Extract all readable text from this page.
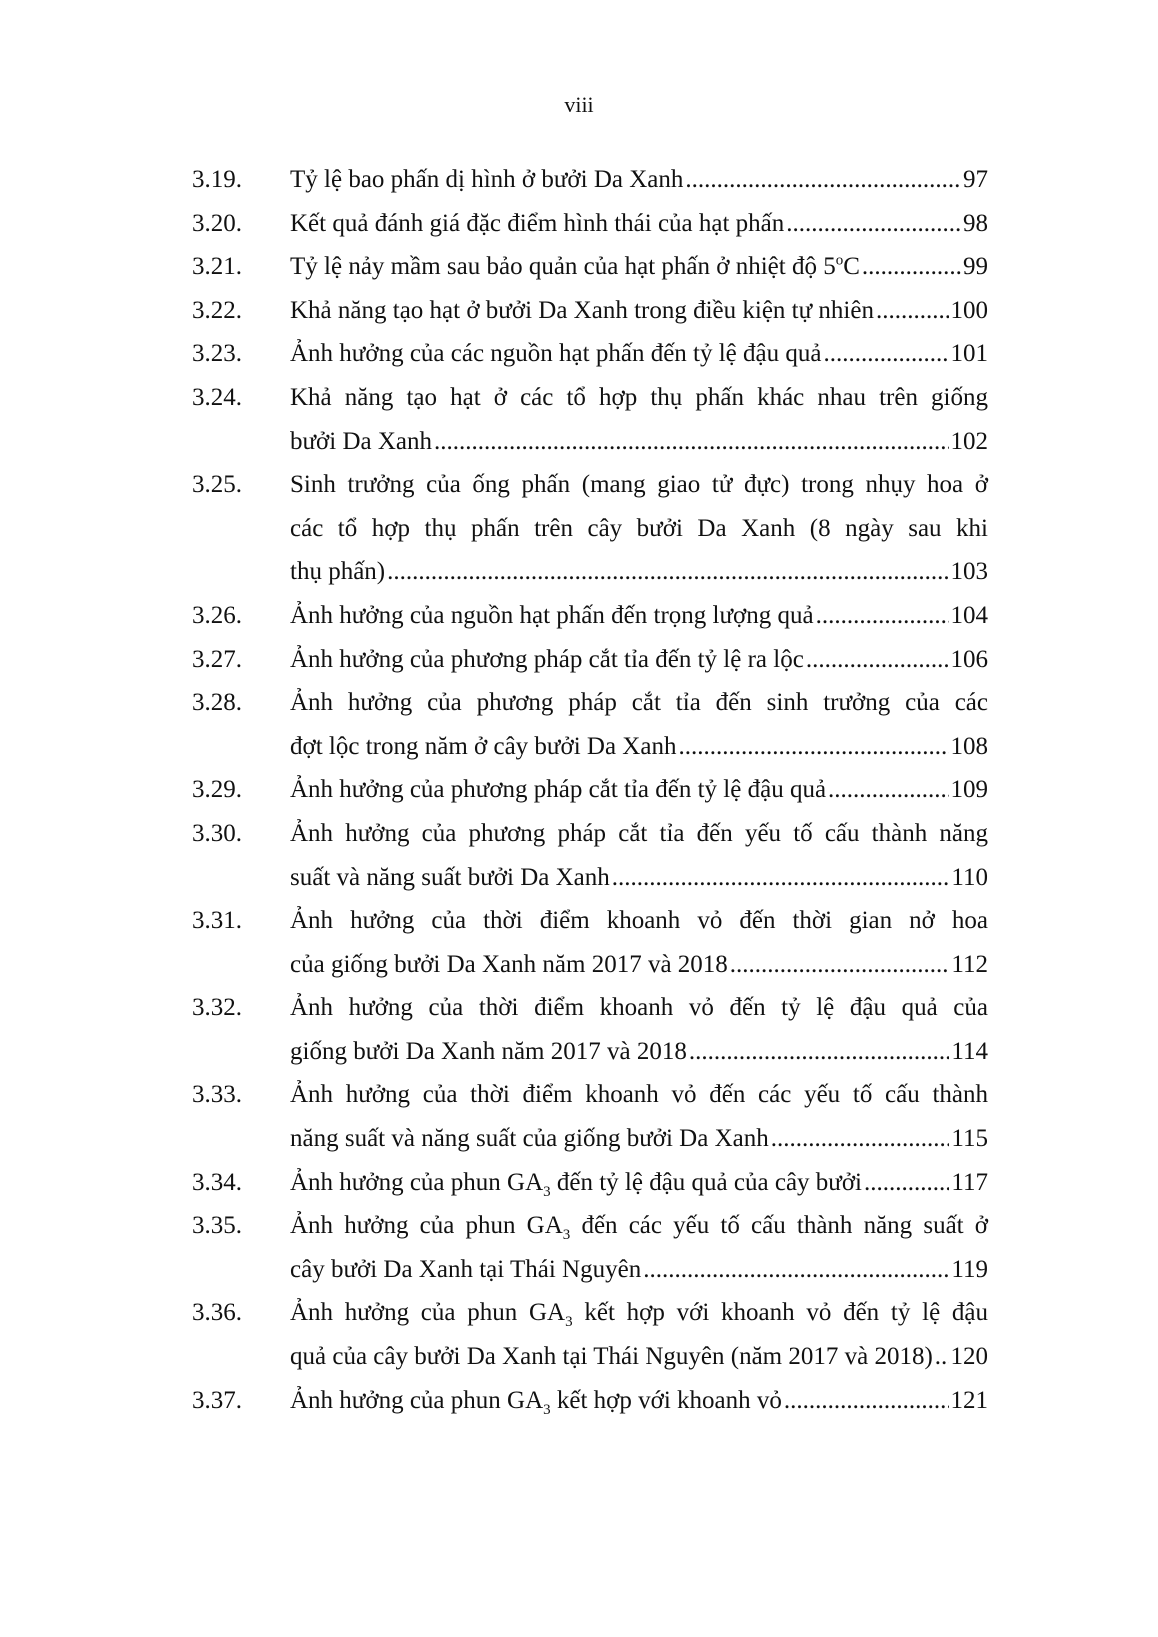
viii
3.19.	Tỷ lệ bao phấn dị hình ở bưởi Da Xanh .....	97
3.20.	Kết quả đánh giá đặc điểm hình thái của hạt phấn .....	98
3.21.	Tỷ lệ nảy mầm sau bảo quản của hạt phấn ở nhiệt độ 5$^o$C .....	99
3.22.	Khả năng tạo hạt ở bưởi Da Xanh trong điều kiện tự nhiên .....	100
3.23.	Ảnh hưởng của các nguồn hạt phấn đến tỷ lệ đậu quả .....	101
3.24.	Khả năng tạo hạt ở các tổ hợp thụ phấn khác nhau trên giống
bưởi Da Xanh .....	102
3.25.	Sinh trưởng của ống phấn (mang giao tử đực) trong nhụy hoa ở
các tổ hợp thụ phấn trên cây bưởi Da Xanh (8 ngày sau khi
thụ phấn) .....	103
3.26.	Ảnh hưởng của nguồn hạt phấn đến trọng lượng quả .....	104
3.27.	Ảnh hưởng của phương pháp cắt tỉa đến tỷ lệ ra lộc .....	106
3.28.	Ảnh hưởng của phương pháp cắt tỉa đến sinh trưởng của các
đợt lộc trong năm ở cây bưởi Da Xanh .....	108
3.29.	Ảnh hưởng của phương pháp cắt tỉa đến tỷ lệ đậu quả .....	109
3.30.	Ảnh hưởng của phương pháp cắt tỉa đến yếu tố cấu thành năng
suất và năng suất bưởi Da Xanh .....	110
3.31.	Ảnh hưởng của thời điểm khoanh vỏ đến thời gian nở hoa
của giống bưởi Da Xanh năm 2017 và 2018 .....	112
3.32.	Ảnh hưởng của thời điểm khoanh vỏ đến tỷ lệ đậu quả của
giống bưởi Da Xanh năm 2017 và 2018 .....	114
3.33.	Ảnh hưởng của thời điểm khoanh vỏ đến các yếu tố cấu thành
năng suất và năng suất của giống bưởi Da Xanh .....	115
3.34.	Ảnh hưởng của phun $GA_3$ đến tỷ lệ đậu quả của cây bưởi .....	117
3.35.	Ảnh hưởng của phun $GA_3$ đến các yếu tố cấu thành năng suất ở
cây bưởi Da Xanh tại Thái Nguyên .....	119
3.36.	Ảnh hưởng của phun $GA_3$ kết hợp với khoanh vỏ đến tỷ lệ đậu
quả của cây bưởi Da Xanh tại Thái Nguyên (năm 2017 và 2018) ..... 120
3.37.	Ảnh hưởng của phun $GA_3$ kết hợp với khoanh vỏ .....	121
